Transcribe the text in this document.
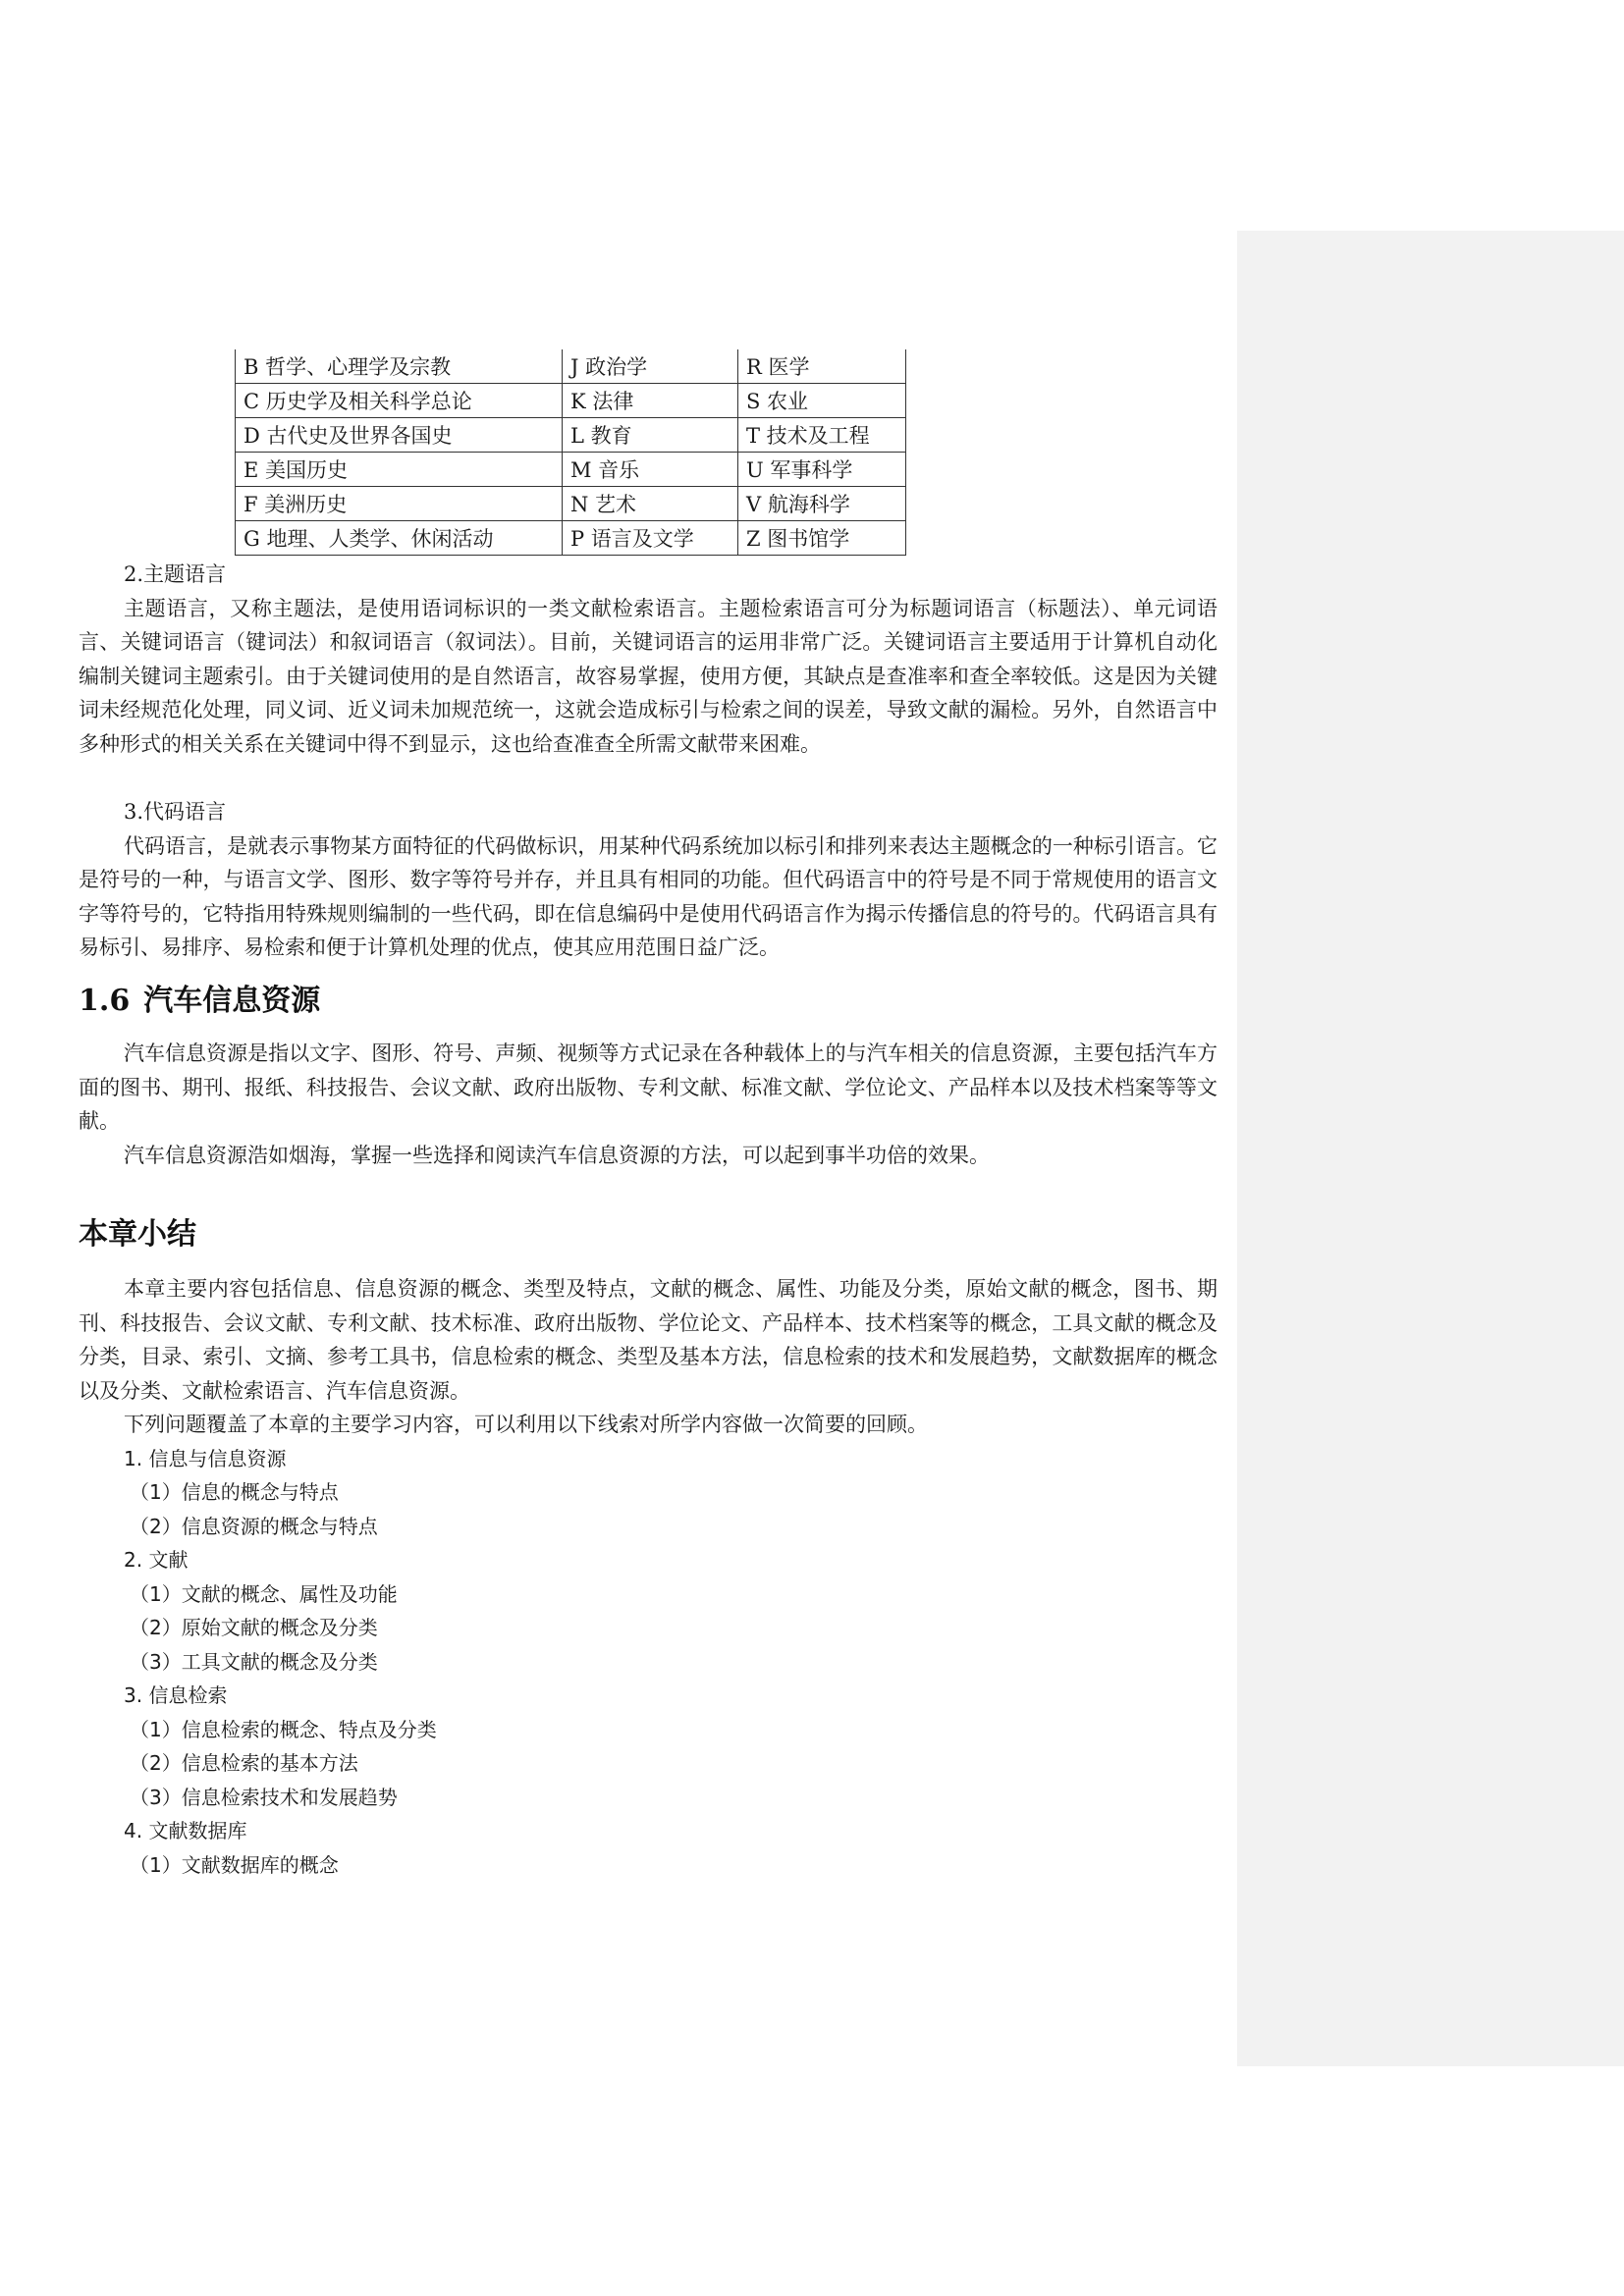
B 哲学、心理学及宗教	J 政治学	R 医学
C 历史学及相关科学总论	K 法律	S 农业
D 古代史及世界各国史	L 教育	T 技术及工程
E 美国历史	M 音乐	U 军事科学
F 美洲历史	N 艺术	V 航海科学
G 地理、人类学、休闲活动	P 语言及文学	Z 图书馆学

2.主题语言

主题语言，又称主题法，是使用语词标识的一类文献检索语言。主题检索语言可分为标题词语言（标题法）、单元词语言、关键词语言（键词法）和叙词语言（叙词法）。目前，关键词语言的运用非常广泛。关键词语言主要适用于计算机自动化编制关键词主题索引。由于关键词使用的是自然语言，故容易掌握，使用方便，其缺点是查准率和查全率较低。这是因为关键词未经规范化处理，同义词、近义词未加规范统一，这就会造成标引与检索之间的误差，导致文献的漏检。另外，自然语言中多种形式的相关关系在关键词中得不到显示，这也给查准查全所需文献带来困难。

3.代码语言

代码语言，是就表示事物某方面特征的代码做标识，用某种代码系统加以标引和排列来表达主题概念的一种标引语言。它是符号的一种，与语言文学、图形、数字等符号并存，并且具有相同的功能。但代码语言中的符号是不同于常规使用的语言文字等符号的，它特指用特殊规则编制的一些代码，即在信息编码中是使用代码语言作为揭示传播信息的符号的。代码语言具有易标引、易排序、易检索和便于计算机处理的优点，使其应用范围日益广泛。

1.6 汽车信息资源

汽车信息资源是指以文字、图形、符号、声频、视频等方式记录在各种载体上的与汽车相关的信息资源，主要包括汽车方面的图书、期刊、报纸、科技报告、会议文献、政府出版物、专利文献、标准文献、学位论文、产品样本以及技术档案等等文献。

汽车信息资源浩如烟海，掌握一些选择和阅读汽车信息资源的方法，可以起到事半功倍的效果。

本章小结

本章主要内容包括信息、信息资源的概念、类型及特点，文献的概念、属性、功能及分类，原始文献的概念，图书、期刊、科技报告、会议文献、专利文献、技术标准、政府出版物、学位论文、产品样本、技术档案等的概念，工具文献的概念及分类，目录、索引、文摘、参考工具书，信息检索的概念、类型及基本方法，信息检索的技术和发展趋势，文献数据库的概念以及分类、文献检索语言、汽车信息资源。

下列问题覆盖了本章的主要学习内容，可以利用以下线索对所学内容做一次简要的回顾。

1. 信息与信息资源

（1）信息的概念与特点

（2）信息资源的概念与特点

2. 文献

（1）文献的概念、属性及功能

（2）原始文献的概念及分类

（3）工具文献的概念及分类

3. 信息检索

（1）信息检索的概念、特点及分类

（2）信息检索的基本方法

（3）信息检索技术和发展趋势

4. 文献数据库

（1）文献数据库的概念
